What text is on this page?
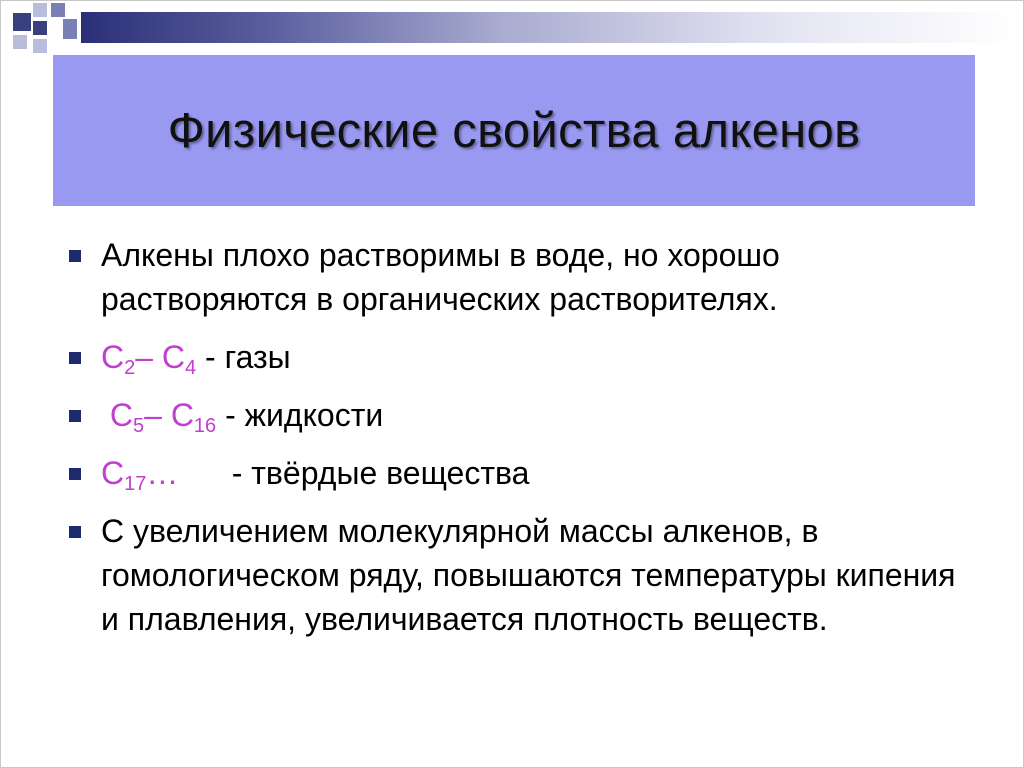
Физические свойства алкенов
Алкены плохо растворимы в воде, но хорошо растворяются в органических растворителях.
$C_2-$ $C_4$ - газы
$C_5-$ $C_{16}$ - жидкости
$C_{17}\dots$      - твёрдые вещества
С увеличением молекулярной массы алкенов, в гомологическом ряду, повышаются температуры кипения и плавления, увеличивается плотность веществ.
